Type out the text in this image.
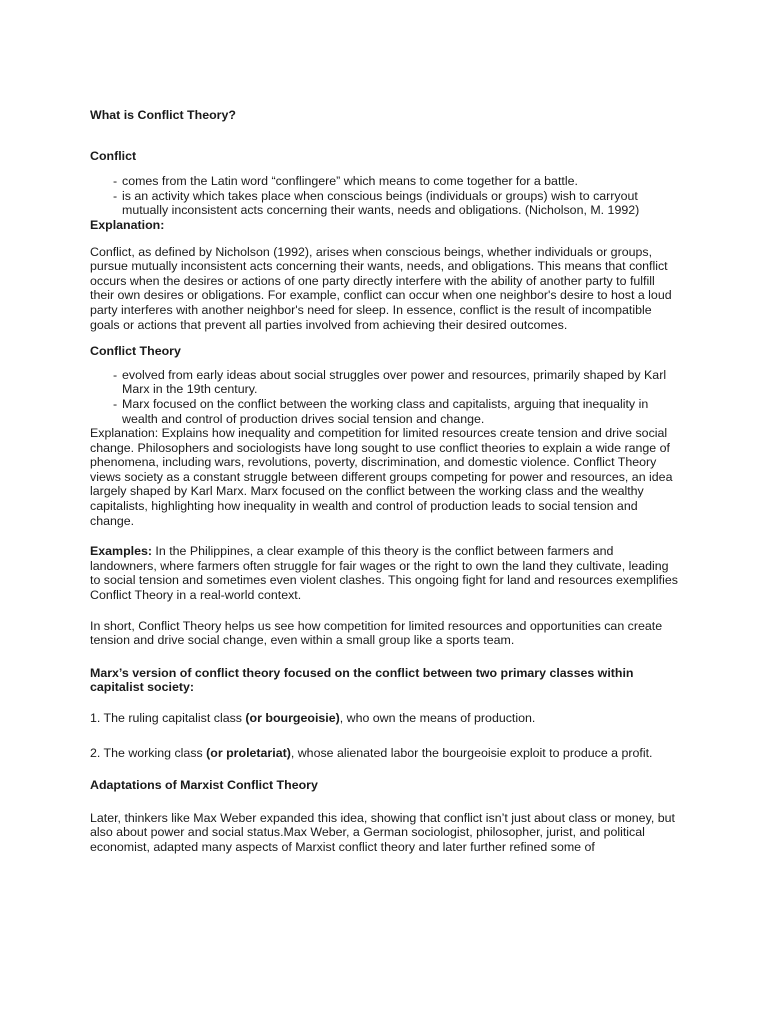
What is Conflict Theory?

Conflict

- comes from the Latin word “conflingere” which means to come together for a battle.
- is an activity which takes place when conscious beings (individuals or groups) wish to carryout mutually inconsistent acts concerning their wants, needs and obligations. (Nicholson, M. 1992)

Explanation:

Conflict, as defined by Nicholson (1992), arises when conscious beings, whether individuals or groups, pursue mutually inconsistent acts concerning their wants, needs, and obligations. This means that conflict occurs when the desires or actions of one party directly interfere with the ability of another party to fulfill their own desires or obligations. For example, conflict can occur when one neighbor's desire to host a loud party interferes with another neighbor's need for sleep. In essence, conflict is the result of incompatible goals or actions that prevent all parties involved from achieving their desired outcomes.

Conflict Theory

- evolved from early ideas about social struggles over power and resources, primarily shaped by Karl Marx in the 19th century.
- Marx focused on the conflict between the working class and capitalists, arguing that inequality in wealth and control of production drives social tension and change.

Explanation: Explains how inequality and competition for limited resources create tension and drive social change. Philosophers and sociologists have long sought to use conflict theories to explain a wide range of phenomena, including wars, revolutions, poverty, discrimination, and domestic violence. Conflict Theory views society as a constant struggle between different groups competing for power and resources, an idea largely shaped by Karl Marx. Marx focused on the conflict between the working class and the wealthy capitalists, highlighting how inequality in wealth and control of production leads to social tension and change.

Examples: In the Philippines, a clear example of this theory is the conflict between farmers and landowners, where farmers often struggle for fair wages or the right to own the land they cultivate, leading to social tension and sometimes even violent clashes. This ongoing fight for land and resources exemplifies Conflict Theory in a real-world context.

In short, Conflict Theory helps us see how competition for limited resources and opportunities can create tension and drive social change, even within a small group like a sports team.

Marx’s version of conflict theory focused on the conflict between two primary classes within capitalist society:

1. The ruling capitalist class (or bourgeoisie), who own the means of production.

2. The working class (or proletariat), whose alienated labor the bourgeoisie exploit to produce a profit.

Adaptations of Marxist Conflict Theory

Later, thinkers like Max Weber expanded this idea, showing that conflict isn’t just about class or money, but also about power and social status.Max Weber, a German sociologist, philosopher, jurist, and political economist, adapted many aspects of Marxist conflict theory and later further refined some of
